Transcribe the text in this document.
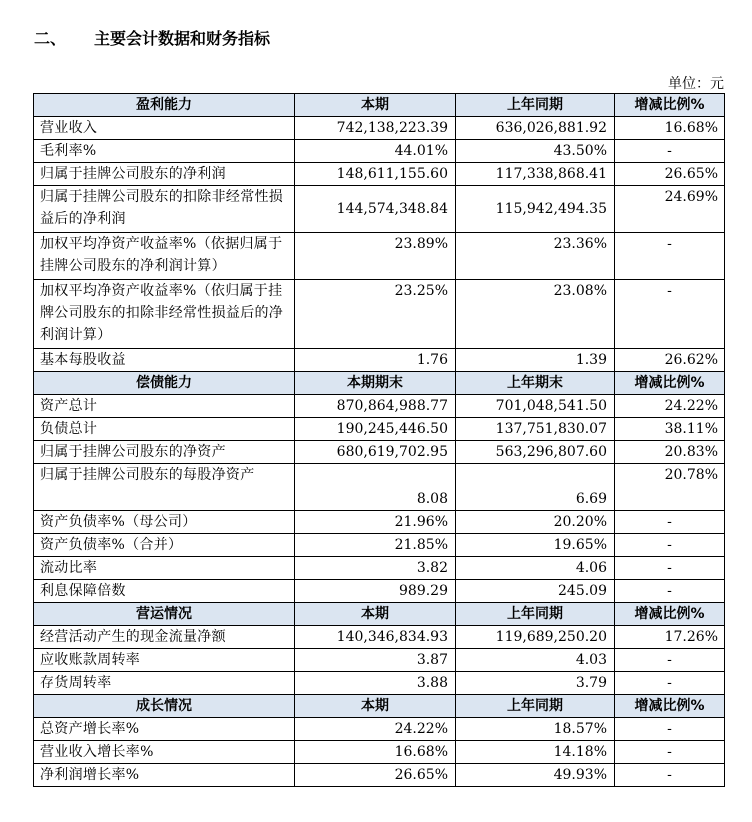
二、 主要会计数据和财务指标
单位：元
盈利能力	本期	上年同期	增减比例%
营业收入	742,138,223.39	636,026,881.92	16.68%
毛利率%	44.01%	43.50%	-
归属于挂牌公司股东的净利润	148,611,155.60	117,338,868.41	26.65%
归属于挂牌公司股东的扣除非经常性损益后的净利润	144,574,348.84	115,942,494.35	24.69%
加权平均净资产收益率%（依据归属于挂牌公司股东的净利润计算）	23.89%	23.36%	-
加权平均净资产收益率%（依归属于挂牌公司股东的扣除非经常性损益后的净利润计算）	23.25%	23.08%	-
基本每股收益	1.76	1.39	26.62%
偿债能力	本期期末	上年期末	增减比例%
资产总计	870,864,988.77	701,048,541.50	24.22%
负债总计	190,245,446.50	137,751,830.07	38.11%
归属于挂牌公司股东的净资产	680,619,702.95	563,296,807.60	20.83%
归属于挂牌公司股东的每股净资产	8.08	6.69	20.78%
资产负债率%（母公司）	21.96%	20.20%	-
资产负债率%（合并）	21.85%	19.65%	-
流动比率	3.82	4.06	-
利息保障倍数	989.29	245.09	-
营运情况	本期	上年同期	增减比例%
经营活动产生的现金流量净额	140,346,834.93	119,689,250.20	17.26%
应收账款周转率	3.87	4.03	-
存货周转率	3.88	3.79	-
成长情况	本期	上年同期	增减比例%
总资产增长率%	24.22%	18.57%	-
营业收入增长率%	16.68%	14.18%	-
净利润增长率%	26.65%	49.93%	-
